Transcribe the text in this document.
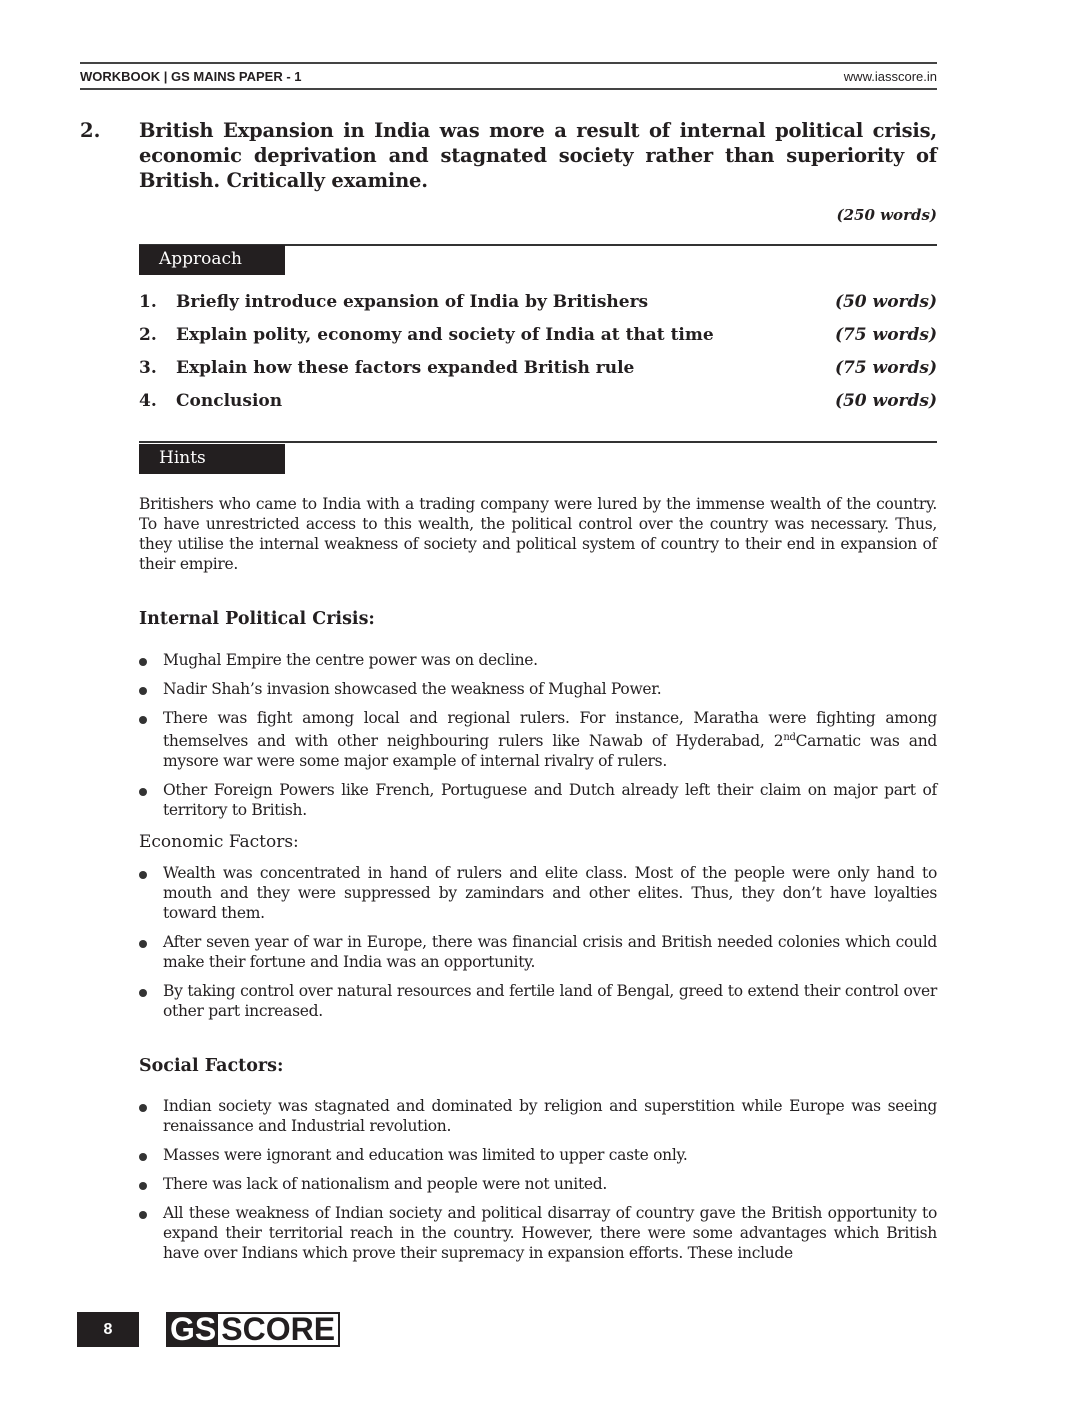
WORKBOOK | GS MAINS PAPER - 1	www.iasscore.in
2.	British Expansion in India was more a result of internal political crisis, economic deprivation and stagnated society rather than superiority of British. Critically examine.
(250 words)
Approach
1.	Briefly introduce expansion of India by Britishers	(50 words)
2.	Explain polity, economy and society of India at that time	(75 words)
3.	Explain how these factors expanded British rule	(75 words)
4.	Conclusion	(50 words)
Hints
Britishers who came to India with a trading company were lured by the immense wealth of the country. To have unrestricted access to this wealth, the political control over the country was necessary. Thus, they utilise the internal weakness of society and political system of country to their end in expansion of their empire.
Internal Political Crisis:
Mughal Empire the centre power was on decline.
Nadir Shah’s invasion showcased the weakness of Mughal Power.
There was fight among local and regional rulers. For instance, Maratha were fighting among themselves and with other neighbouring rulers like Nawab of Hyderabad, 2ndCarnatic was and mysore war were some major example of internal rivalry of rulers.
Other Foreign Powers like French, Portuguese and Dutch already left their claim on major part of territory to British.
Economic Factors:
Wealth was concentrated in hand of rulers and elite class. Most of the people were only hand to mouth and they were suppressed by zamindars and other elites. Thus, they don’t have loyalties toward them.
After seven year of war in Europe, there was financial crisis and British needed colonies which could make their fortune and India was an opportunity.
By taking control over natural resources and fertile land of Bengal, greed to extend their control over other part increased.
Social Factors:
Indian society was stagnated and dominated by religion and superstition while Europe was seeing renaissance and Industrial revolution.
Masses were ignorant and education was limited to upper caste only.
There was lack of nationalism and people were not united.
All these weakness of Indian society and political disarray of country gave the British opportunity to expand their territorial reach in the country. However, there were some advantages which British have over Indians which prove their supremacy in expansion efforts. These include
8	GS SCORE
